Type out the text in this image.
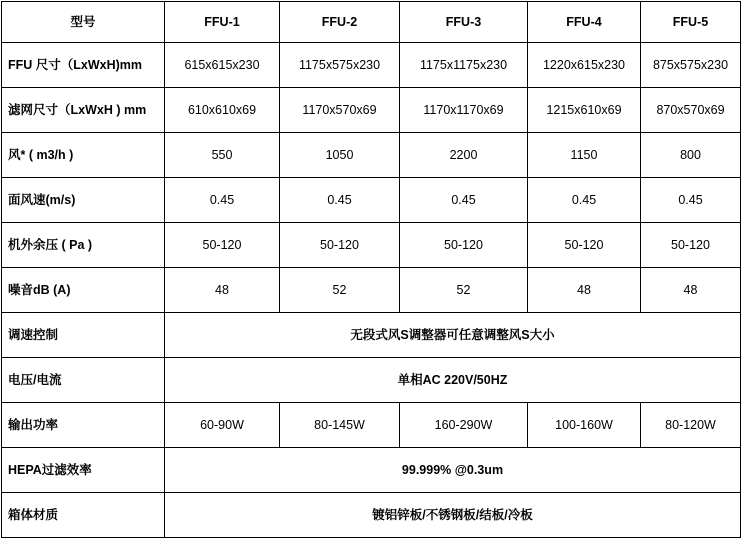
型号	FFU-1	FFU-2	FFU-3	FFU-4	FFU-5
FFU 尺寸（LxWxH)mm	615x615x230	1175x575x230	1175x1175x230	1220x615x230	875x575x230
滤网尺寸（LxWxH ) mm	610x610x69	1170x570x69	1170x1170x69	1215x610x69	870x570x69
风* ( m3/h )	550	1050	2200	1150	800
面风速(m/s)	0.45	0.45	0.45	0.45	0.45
机外余压 ( Pa )	50-120	50-120	50-120	50-120	50-120
噪音dB (A)	48	52	52	48	48
调速控制	无段式风S调整器可任意调整风S大小				
电压/电流	单相AC 220V/50HZ				
输出功率	60-90W	80-145W	160-290W	100-160W	80-120W
HEPA过滤效率	99.999% @0.3um				
箱体材质	镀铝锌板/不锈钢板/结板/冷板				
